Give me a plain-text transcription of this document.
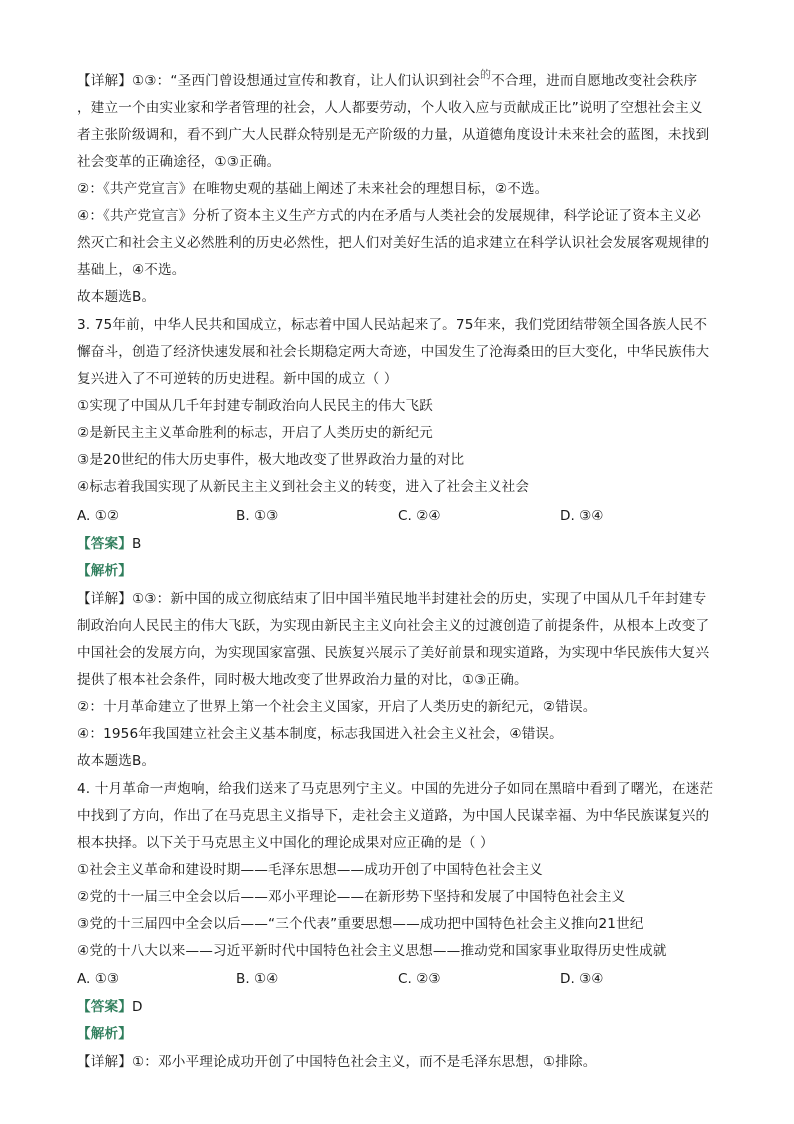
【详解】①③：“圣西门曾设想通过宣传和教育，让人们认识到社会$^的$不合理，进而自愿地改变社会秩序
，建立一个由实业家和学者管理的社会，人人都要劳动，个人收入应与贡献成正比”说明了空想社会主义
者主张阶级调和，看不到广大人民群众特别是无产阶级的力量，从道德角度设计未来社会的蓝图，未找到
社会变革的正确途径，①③正确。
②：《共产党宣言》在唯物史观的基础上阐述了未来社会的理想目标，②不选。
④：《共产党宣言》分析了资本主义生产方式的内在矛盾与人类社会的发展规律，科学论证了资本主义必
然灭亡和社会主义必然胜利的历史必然性，把人们对美好生活的追求建立在科学认识社会发展客观规律的
基础上，④不选。
故本题选B。
3. 75年前，中华人民共和国成立，标志着中国人民站起来了。75年来，我们党团结带领全国各族人民不
懈奋斗，创造了经济快速发展和社会长期稳定两大奇迹，中国发生了沧海桑田的巨大变化，中华民族伟大
复兴进入了不可逆转的历史进程。新中国的成立（ ）
①实现了中国从几千年封建专制政治向人民民主的伟大飞跃
②是新民主主义革命胜利的标志，开启了人类历史的新纪元
③是20世纪的伟大历史事件，极大地改变了世界政治力量的对比
④标志着我国实现了从新民主主义到社会主义的转变，进入了社会主义社会
A. ①②	B. ①③	C. ②④	D. ③④
【答案】B
【解析】
【详解】①③：新中国的成立彻底结束了旧中国半殖民地半封建社会的历史，实现了中国从几千年封建专
制政治向人民民主的伟大飞跃，为实现由新民主主义向社会主义的过渡创造了前提条件，从根本上改变了
中国社会的发展方向，为实现国家富强、民族复兴展示了美好前景和现实道路，为实现中华民族伟大复兴
提供了根本社会条件，同时极大地改变了世界政治力量的对比，①③正确。
②：十月革命建立了世界上第一个社会主义国家，开启了人类历史的新纪元，②错误。
④：1956年我国建立社会主义基本制度，标志我国进入社会主义社会，④错误。
故本题选B。
4. 十月革命一声炮响，给我们送来了马克思列宁主义。中国的先进分子如同在黑暗中看到了曙光，在迷茫
中找到了方向，作出了在马克思主义指导下，走社会主义道路，为中国人民谋幸福、为中华民族谋复兴的
根本抉择。以下关于马克思主义中国化的理论成果对应正确的是（ ）
①社会主义革命和建设时期——毛泽东思想——成功开创了中国特色社会主义
②党的十一届三中全会以后——邓小平理论——在新形势下坚持和发展了中国特色社会主义
③党的十三届四中全会以后——“三个代表”重要思想——成功把中国特色社会主义推向21世纪
④党的十八大以来——习近平新时代中国特色社会主义思想——推动党和国家事业取得历史性成就
A. ①③	B. ①④	C. ②③	D. ③④
【答案】D
【解析】
【详解】①：邓小平理论成功开创了中国特色社会主义，而不是毛泽东思想，①排除。
